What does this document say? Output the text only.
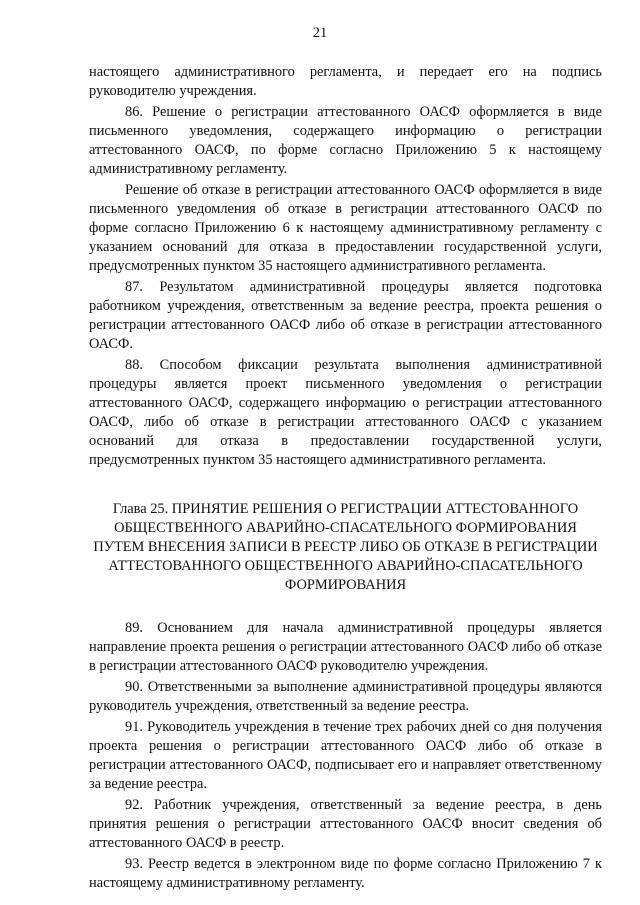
21

настоящего административного регламента, и передает его на подпись руководителю учреждения.

86. Решение о регистрации аттестованного ОАСФ оформляется в виде письменного уведомления, содержащего информацию о регистрации аттестованного ОАСФ, по форме согласно Приложению 5 к настоящему административному регламенту.

Решение об отказе в регистрации аттестованного ОАСФ оформляется в виде письменного уведомления об отказе в регистрации аттестованного ОАСФ по форме согласно Приложению 6 к настоящему административному регламенту с указанием оснований для отказа в предоставлении государственной услуги, предусмотренных пунктом 35 настоящего административного регламента.

87. Результатом административной процедуры является подготовка работником учреждения, ответственным за ведение реестра, проекта решения о регистрации аттестованного ОАСФ либо об отказе в регистрации аттестованного ОАСФ.

88. Способом фиксации результата выполнения административной процедуры является проект письменного уведомления о регистрации аттестованного ОАСФ, содержащего информацию о регистрации аттестованного ОАСФ, либо об отказе в регистрации аттестованного ОАСФ с указанием оснований для отказа в предоставлении государственной услуги, предусмотренных пунктом 35 настоящего административного регламента.

Глава 25. ПРИНЯТИЕ РЕШЕНИЯ О РЕГИСТРАЦИИ АТТЕСТОВАННОГО ОБЩЕСТВЕННОГО АВАРИЙНО-СПАСАТЕЛЬНОГО ФОРМИРОВАНИЯ ПУТЕМ ВНЕСЕНИЯ ЗАПИСИ В РЕЕСТР ЛИБО ОБ ОТКАЗЕ В РЕГИСТРАЦИИ АТТЕСТОВАННОГО ОБЩЕСТВЕННОГО АВАРИЙНО-СПАСАТЕЛЬНОГО ФОРМИРОВАНИЯ

89. Основанием для начала административной процедуры является направление проекта решения о регистрации аттестованного ОАСФ либо об отказе в регистрации аттестованного ОАСФ руководителю учреждения.

90. Ответственными за выполнение административной процедуры являются руководитель учреждения, ответственный за ведение реестра.

91. Руководитель учреждения в течение трех рабочих дней со дня получения проекта решения о регистрации аттестованного ОАСФ либо об отказе в регистрации аттестованного ОАСФ, подписывает его и направляет ответственному за ведение реестра.

92. Работник учреждения, ответственный за ведение реестра, в день принятия решения о регистрации аттестованного ОАСФ вносит сведения об аттестованного ОАСФ в реестр.

93. Реестр ведется в электронном виде по форме согласно Приложению 7 к настоящему административному регламенту.
